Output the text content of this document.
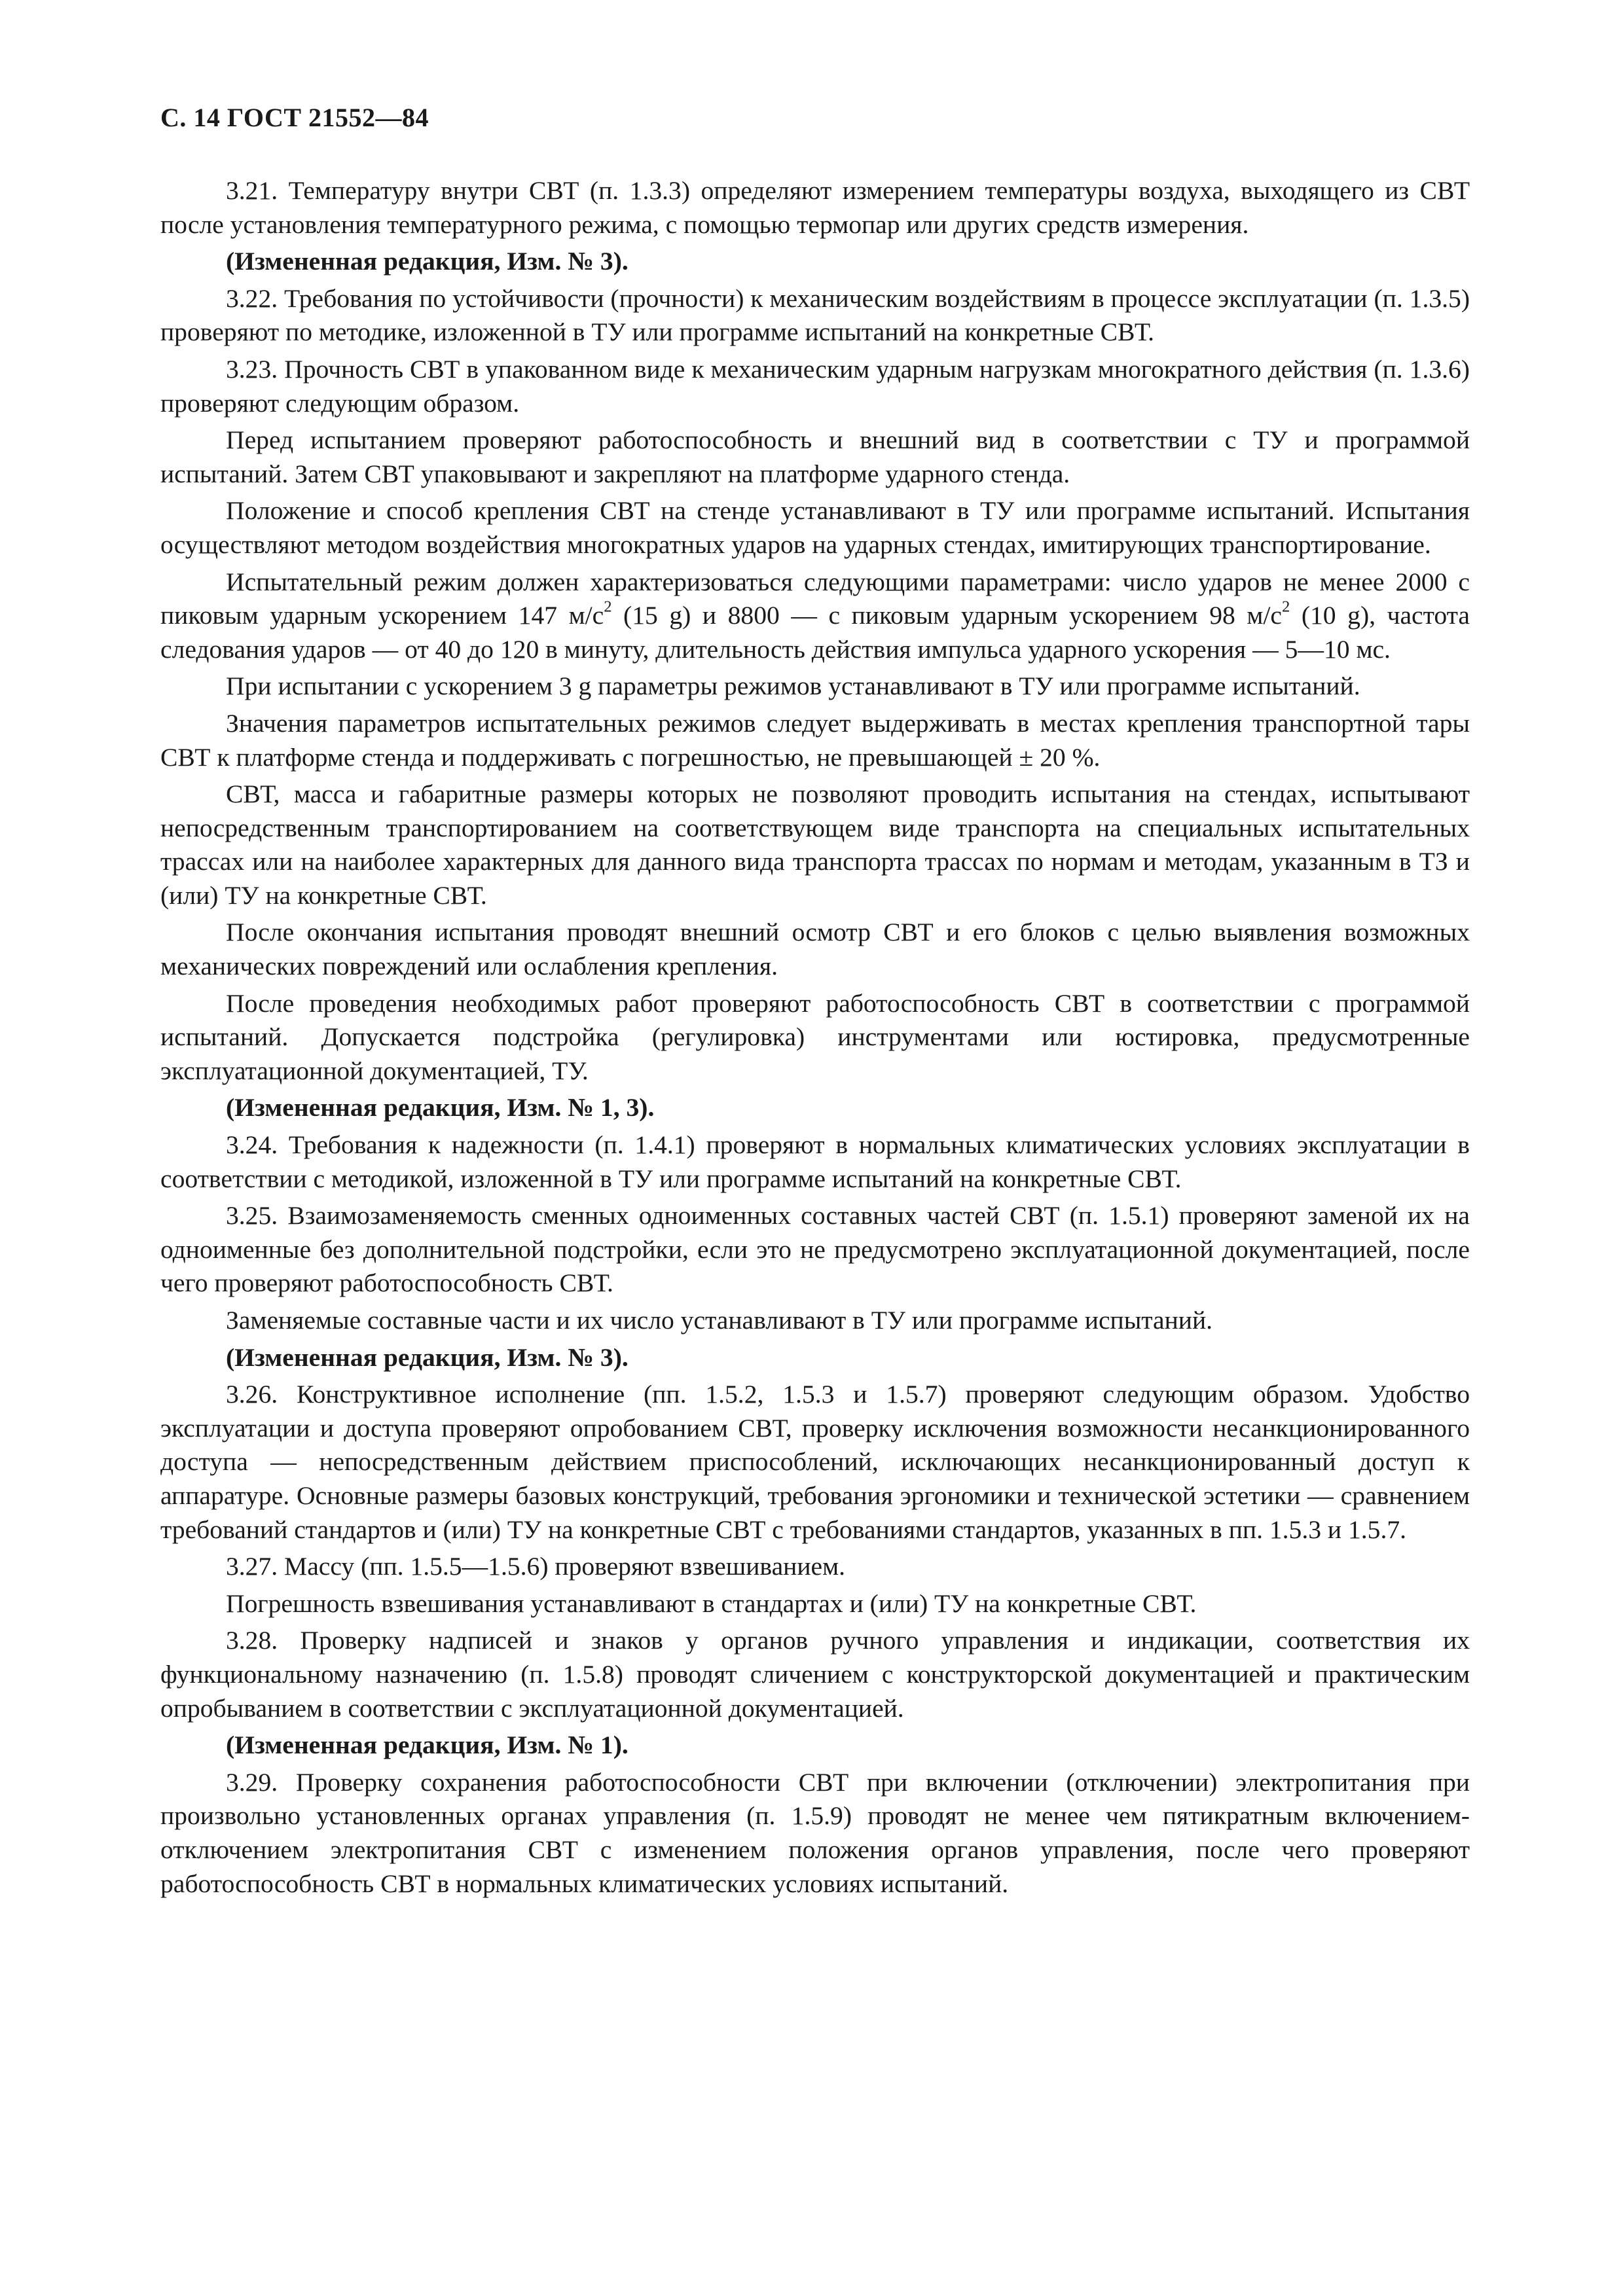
С. 14 ГОСТ 21552—84

3.21. Температуру внутри СВТ (п. 1.3.3) определяют измерением температуры воздуха, выходящего из СВТ после установления температурного режима, с помощью термопар или других средств измерения.

(Измененная редакция, Изм. № 3).

3.22. Требования по устойчивости (прочности) к механическим воздействиям в процессе эксплуатации (п. 1.3.5) проверяют по методике, изложенной в ТУ или программе испытаний на конкретные СВТ.

3.23. Прочность СВТ в упакованном виде к механическим ударным нагрузкам многократного действия (п. 1.3.6) проверяют следующим образом.

Перед испытанием проверяют работоспособность и внешний вид в соответствии с ТУ и программой испытаний. Затем СВТ упаковывают и закрепляют на платформе ударного стенда.

Положение и способ крепления СВТ на стенде устанавливают в ТУ или программе испытаний. Испытания осуществляют методом воздействия многократных ударов на ударных стендах, имитирующих транспортирование.

Испытательный режим должен характеризоваться следующими параметрами: число ударов не менее 2000 с пиковым ударным ускорением 147 $м/с^2$ (15 g) и 8800 — с пиковым ударным ускорением 98 $м/с^2$ (10 g), частота следования ударов — от 40 до 120 в минуту, длительность действия импульса ударного ускорения — 5—10 мс.

При испытании с ускорением 3 g параметры режимов устанавливают в ТУ или программе испытаний.

Значения параметров испытательных режимов следует выдерживать в местах крепления транспортной тары СВТ к платформе стенда и поддерживать с погрешностью, не превышающей ± 20 %.

СВТ, масса и габаритные размеры которых не позволяют проводить испытания на стендах, испытывают непосредственным транспортированием на соответствующем виде транспорта на специальных испытательных трассах или на наиболее характерных для данного вида транспорта трассах по нормам и методам, указанным в ТЗ и (или) ТУ на конкретные СВТ.

После окончания испытания проводят внешний осмотр СВТ и его блоков с целью выявления возможных механических повреждений или ослабления крепления.

После проведения необходимых работ проверяют работоспособность СВТ в соответствии с программой испытаний. Допускается подстройка (регулировка) инструментами или юстировка, предусмотренные эксплуатационной документацией, ТУ.

(Измененная редакция, Изм. № 1, 3).

3.24. Требования к надежности (п. 1.4.1) проверяют в нормальных климатических условиях эксплуатации в соответствии с методикой, изложенной в ТУ или программе испытаний на конкретные СВТ.

3.25. Взаимозаменяемость сменных одноименных составных частей СВТ (п. 1.5.1) проверяют заменой их на одноименные без дополнительной подстройки, если это не предусмотрено эксплуатационной документацией, после чего проверяют работоспособность СВТ.

Заменяемые составные части и их число устанавливают в ТУ или программе испытаний.

(Измененная редакция, Изм. № 3).

3.26. Конструктивное исполнение (пп. 1.5.2, 1.5.3 и 1.5.7) проверяют следующим образом. Удобство эксплуатации и доступа проверяют опробованием СВТ, проверку исключения возможности несанкционированного доступа — непосредственным действием приспособлений, исключающих несанкционированный доступ к аппаратуре. Основные размеры базовых конструкций, требования эргономики и технической эстетики — сравнением требований стандартов и (или) ТУ на конкретные СВТ с требованиями стандартов, указанных в пп. 1.5.3 и 1.5.7.

3.27. Массу (пп. 1.5.5—1.5.6) проверяют взвешиванием.

Погрешность взвешивания устанавливают в стандартах и (или) ТУ на конкретные СВТ.

3.28. Проверку надписей и знаков у органов ручного управления и индикации, соответствия их функциональному назначению (п. 1.5.8) проводят сличением с конструкторской документацией и практическим опробыванием в соответствии с эксплуатационной документацией.

(Измененная редакция, Изм. № 1).

3.29. Проверку сохранения работоспособности СВТ при включении (отключении) электропитания при произвольно установленных органах управления (п. 1.5.9) проводят не менее чем пятикратным включением-отключением электропитания СВТ с изменением положения органов управления, после чего проверяют работоспособность СВТ в нормальных климатических условиях испытаний.
